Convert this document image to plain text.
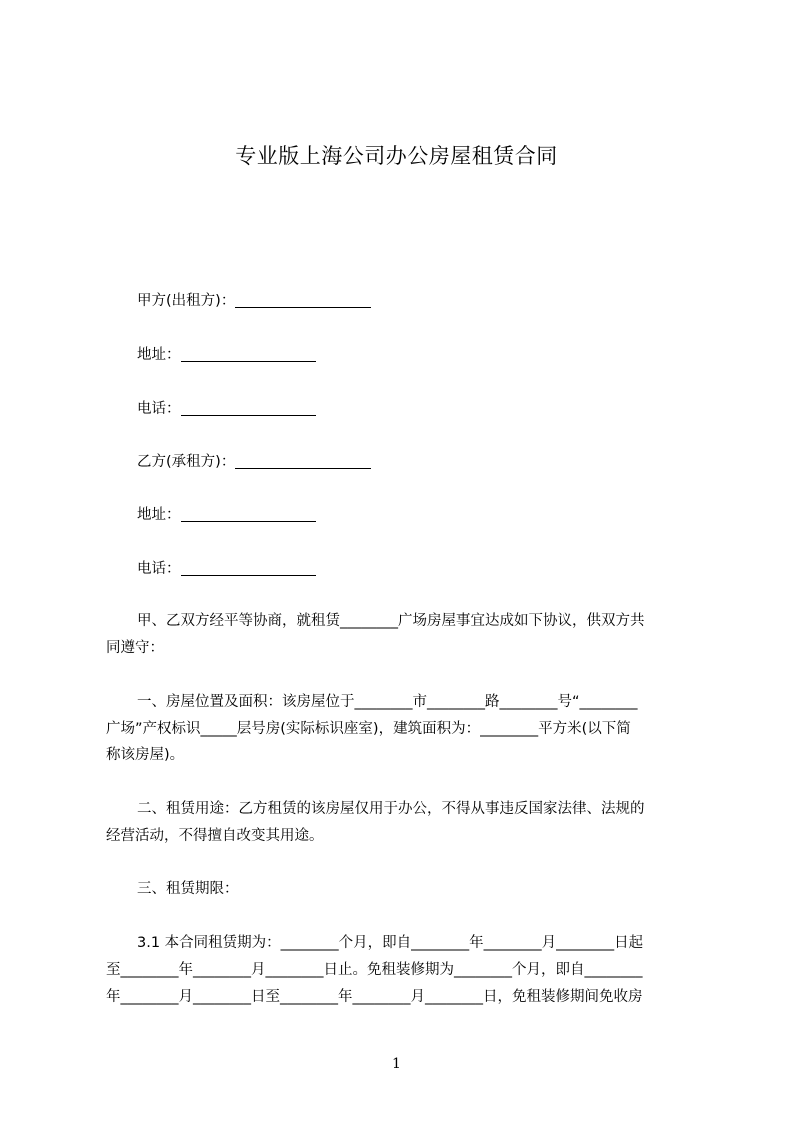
专业版上海公司办公房屋租赁合同
甲方(出租方)：
地址：
电话：
乙方(承租方)：
地址：
电话：
甲、乙双方经平等协商，就租赁________广场房屋事宜达成如下协议，供双方共
同遵守：
一、房屋位置及面积：该房屋位于________市________路________号“________
广场”产权标识_____层号房(实际标识座室)，建筑面积为：________平方米(以下简
称该房屋)。
二、租赁用途：乙方租赁的该房屋仅用于办公，不得从事违反国家法律、法规的
经营活动，不得擅自改变其用途。
三、租赁期限：
3.1 本合同租赁期为：________个月，即自________年________月________日起
至________年________月________日止。免租装修期为________个月，即自________
年________月________日至________年________月________日，免租装修期间免收房
1
